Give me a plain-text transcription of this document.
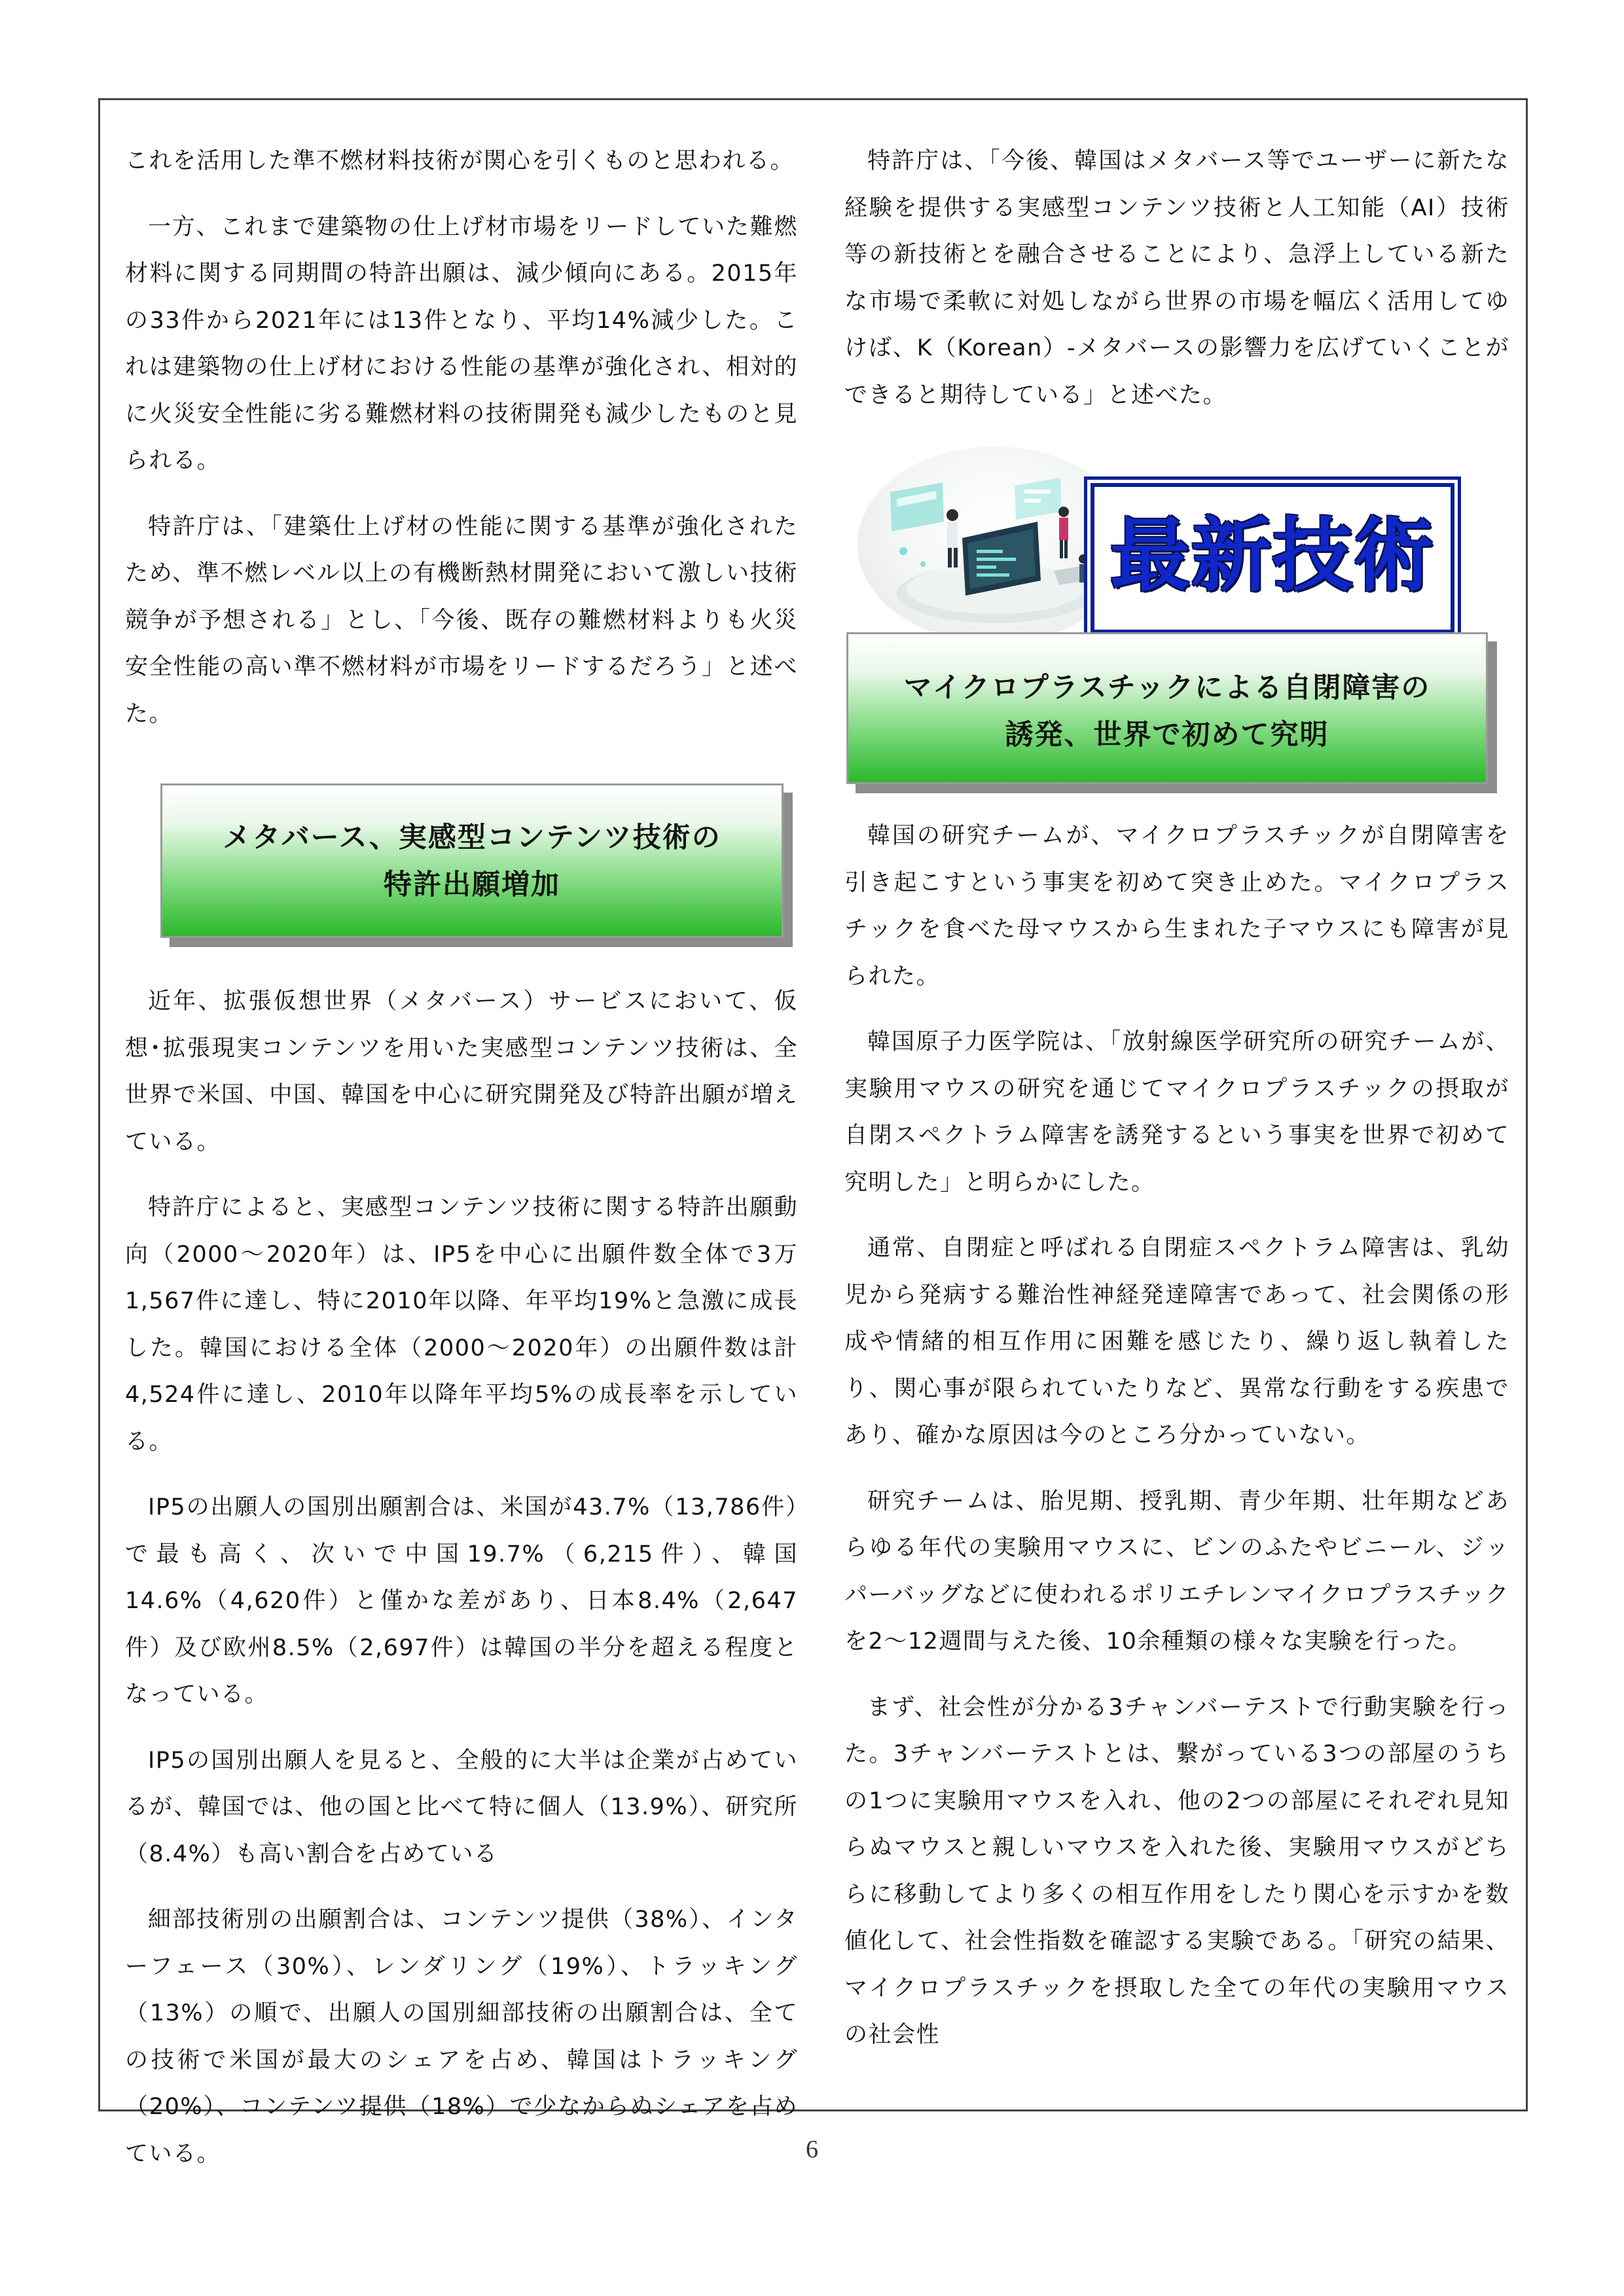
これを活用した準不燃材料技術が関心を引くものと思われる。

一方、これまで建築物の仕上げ材市場をリードしていた難燃材料に関する同期間の特許出願は、減少傾向にある。2015年の33件から2021年には13件となり、平均14%減少した。これは建築物の仕上げ材における性能の基準が強化され、相対的に火災安全性能に劣る難燃材料の技術開発も減少したものと見られる。

特許庁は、「建築仕上げ材の性能に関する基準が強化されたため、準不燃レベル以上の有機断熱材開発において激しい技術競争が予想される」とし、「今後、既存の難燃材料よりも火災安全性能の高い準不燃材料が市場をリードするだろう」と述べた。

メタバース、実感型コンテンツ技術の
特許出願増加

近年、拡張仮想世界（メタバース）サービスにおいて、仮想･拡張現実コンテンツを用いた実感型コンテンツ技術は、全世界で米国、中国、韓国を中心に研究開発及び特許出願が増えている。

特許庁によると、実感型コンテンツ技術に関する特許出願動向（2000～2020年）は、IP5を中心に出願件数全体で3万1,567件に達し、特に2010年以降、年平均19%と急激に成長した。韓国における全体（2000～2020年）の出願件数は計4,524件に達し、2010年以降年平均5%の成長率を示している。

IP5の出願人の国別出願割合は、米国が43.7%（13,786件）で最も高く、次いで中国19.7%（6,215件）、韓国14.6%（4,620件）と僅かな差があり、日本8.4%（2,647件）及び欧州8.5%（2,697件）は韓国の半分を超える程度となっている。

IP5の国別出願人を見ると、全般的に大半は企業が占めているが、韓国では、他の国と比べて特に個人（13.9%）、研究所（8.4%）も高い割合を占めている

細部技術別の出願割合は、コンテンツ提供（38%）、インターフェース（30%）、レンダリング（19%）、トラッキング（13%）の順で、出願人の国別細部技術の出願割合は、全ての技術で米国が最大のシェアを占め、韓国はトラッキング（20%）、コンテンツ提供（18%）で少なからぬシェアを占めている。

特許庁は、「今後、韓国はメタバース等でユーザーに新たな経験を提供する実感型コンテンツ技術と人工知能（AI）技術等の新技術とを融合させることにより、急浮上している新たな市場で柔軟に対処しながら世界の市場を幅広く活用してゆけば、K（Korean）-メタバースの影響力を広げていくことができると期待している」と述べた。

最新技術
マイクロプラスチックによる自閉障害の
誘発、世界で初めて究明

韓国の研究チームが、マイクロプラスチックが自閉障害を引き起こすという事実を初めて突き止めた。マイクロプラスチックを食べた母マウスから生まれた子マウスにも障害が見られた。

韓国原子力医学院は、「放射線医学研究所の研究チームが、実験用マウスの研究を通じてマイクロプラスチックの摂取が自閉スペクトラム障害を誘発するという事実を世界で初めて究明した」と明らかにした。

通常、自閉症と呼ばれる自閉症スペクトラム障害は、乳幼児から発病する難治性神経発達障害であって、社会関係の形成や情緒的相互作用に困難を感じたり、繰り返し執着したり、関心事が限られていたりなど、異常な行動をする疾患であり、確かな原因は今のところ分かっていない。

研究チームは、胎児期、授乳期、青少年期、壮年期などあらゆる年代の実験用マウスに、ビンのふたやビニール、ジッパーバッグなどに使われるポリエチレンマイクロプラスチックを2～12週間与えた後、10余種類の様々な実験を行った。

まず、社会性が分かる3チャンバーテストで行動実験を行った。3チャンバーテストとは、繋がっている3つの部屋のうちの1つに実験用マウスを入れ、他の2つの部屋にそれぞれ見知らぬマウスと親しいマウスを入れた後、実験用マウスがどちらに移動してより多くの相互作用をしたり関心を示すかを数値化して、社会性指数を確認する実験である。「研究の結果、マイクロプラスチックを摂取した全ての年代の実験用マウスの社会性

6
